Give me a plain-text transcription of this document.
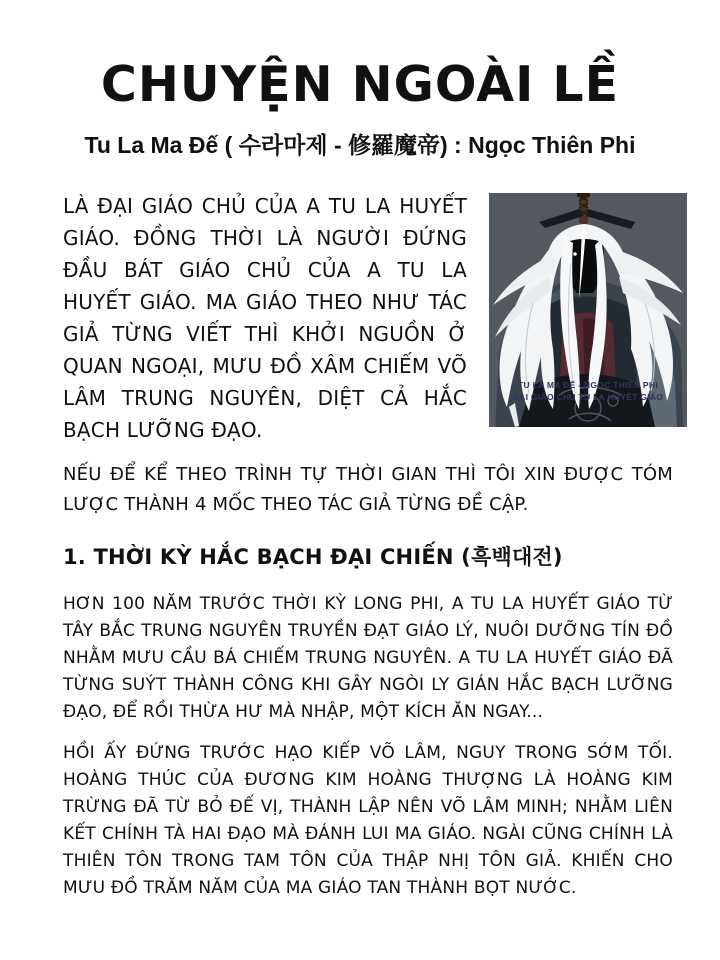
CHUYỆN NGOÀI LỀ
Tu La Ma Đế ( 수라마제 - 修羅魔帝) : Ngọc Thiên Phi
LÀ ĐẠI GIÁO CHỦ CỦA A TU LA HUYẾT GIÁO. ĐỒNG THỜI LÀ NGƯỜI ĐỨNG ĐẦU BÁT GIÁO CHỦ CỦA A TU LA HUYẾT GIÁO. MA GIÁO THEO NHƯ TÁC GIẢ TỪNG VIẾT THÌ KHỞI NGUỒN Ở QUAN NGOẠI, MƯU ĐỒ XÂM CHIẾM VÕ LÂM TRUNG NGUYÊN, DIỆT CẢ HẮC BẠCH LƯỠNG ĐẠO.
TU LA MA ĐẾ - NGỌC THIÊN PHI
ĐẠI GIÁO CHỦ TU LA HUYẾT GIÁO
NẾU ĐỂ KỂ THEO TRÌNH TỰ THỜI GIAN THÌ TÔI XIN ĐƯỢC TÓM LƯỢC THÀNH 4 MỐC THEO TÁC GIẢ TỪNG ĐỀ CẬP.
1. THỜI KỲ HẮC BẠCH ĐẠI CHIẾN (흑백대전)
HƠN 100 NĂM TRƯỚC THỜI KỲ LONG PHI, A TU LA HUYẾT GIÁO TỪ TÂY BẮC TRUNG NGUYÊN TRUYỀN ĐẠT GIÁO LÝ, NUÔI DƯỠNG TÍN ĐỒ NHẰM MƯU CẦU BÁ CHIẾM TRUNG NGUYÊN. A TU LA HUYẾT GIÁO ĐÃ TỪNG SUÝT THÀNH CÔNG KHI GÂY NGÒI LY GIÁN HẮC BẠCH LƯỠNG ĐẠO, ĐỂ RỒI THỪA HƯ MÀ NHẬP, MỘT KÍCH ĂN NGAY...
HỒI ẤY ĐỨNG TRƯỚC HẠO KIẾP VÕ LÂM, NGUY TRONG SỚM TỐI. HOÀNG THÚC CỦA ĐƯƠNG KIM HOÀNG THƯỢNG LÀ HOÀNG KIM TRỪNG ĐÃ TỪ BỎ ĐẾ VỊ, THÀNH LẬP NÊN VÕ LÂM MINH; NHẰM LIÊN KẾT CHÍNH TÀ HAI ĐẠO MÀ ĐÁNH LUI MA GIÁO. NGÀI CŨNG CHÍNH LÀ THIÊN TÔN TRONG TAM TÔN CỦA THẬP NHỊ TÔN GIẢ. KHIẾN CHO MƯU ĐỒ TRĂM NĂM CỦA MA GIÁO TAN THÀNH BỌT NƯỚC.
